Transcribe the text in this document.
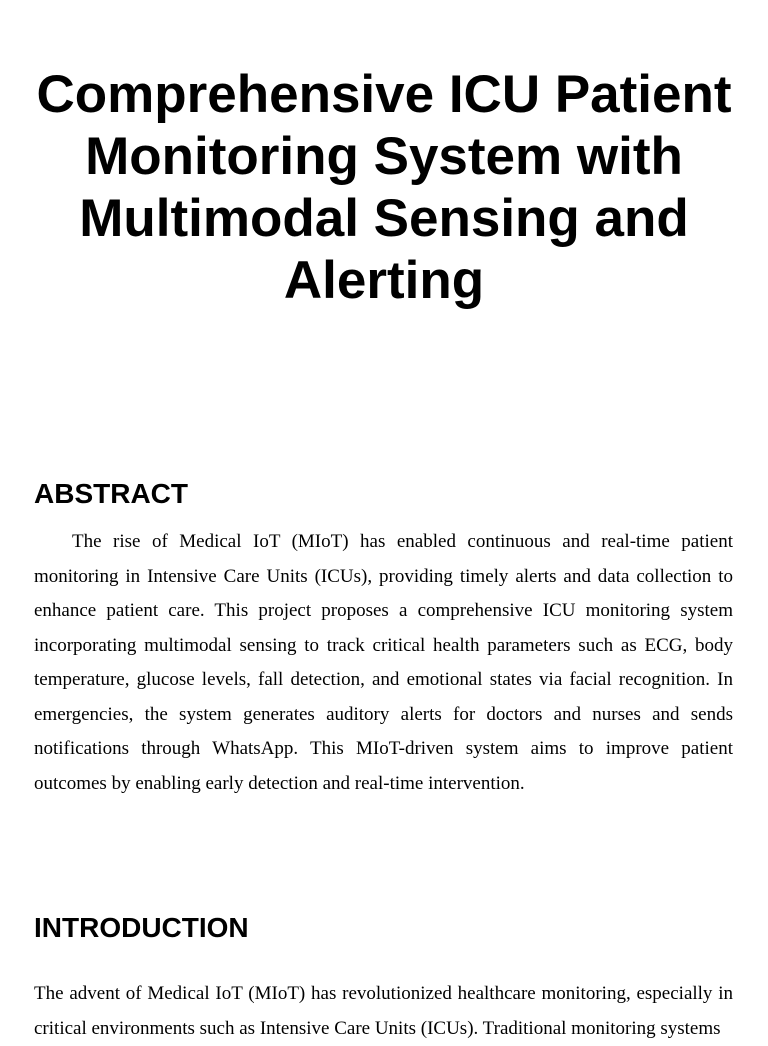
Comprehensive ICU Patient Monitoring System with Multimodal Sensing and Alerting
ABSTRACT

The rise of Medical IoT (MIoT) has enabled continuous and real-time patient monitoring in Intensive Care Units (ICUs), providing timely alerts and data collection to enhance patient care. This project proposes a comprehensive ICU monitoring system incorporating multimodal sensing to track critical health parameters such as ECG, body temperature, glucose levels, fall detection, and emotional states via facial recognition. In emergencies, the system generates auditory alerts for doctors and nurses and sends notifications through WhatsApp. This MIoT-driven system aims to improve patient outcomes by enabling early detection and real-time intervention.

INTRODUCTION

The advent of Medical IoT (MIoT) has revolutionized healthcare monitoring, especially in critical environments such as Intensive Care Units (ICUs). Traditional monitoring systems
